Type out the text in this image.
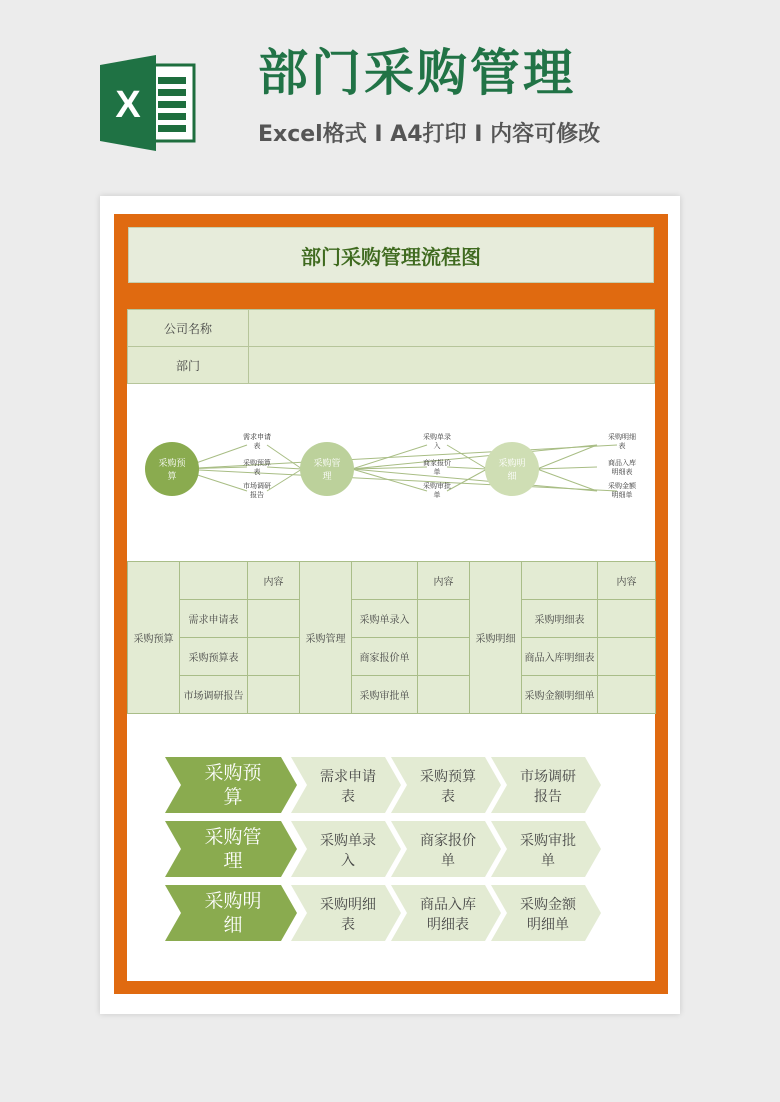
X
部门采购管理
Excel格式 I A4打印 I 内容可修改
部门采购管理流程图
公司名称	
部门	
采购预
算
采购管
理
采购明
细
需求申请
表
采购预算
表
市场调研
报告
采购单录
入
商家报价
单
采购审批
单
采购明细
表
商品入库
明细表
采购金额
明细单
采购预算		内容	采购管理		内容	采购明细		内容
	需求申请表			采购单录入			采购明细表	
	采购预算表			商家报价单			商品入库明细表	
	市场调研报告			采购审批单			采购金额明细单	
采购预
算
需求申请
表
采购预算
表
市场调研
报告
采购管
理
采购单录
入
商家报价
单
采购审批
单
采购明
细
采购明细
表
商品入库
明细表
采购金额
明细单
